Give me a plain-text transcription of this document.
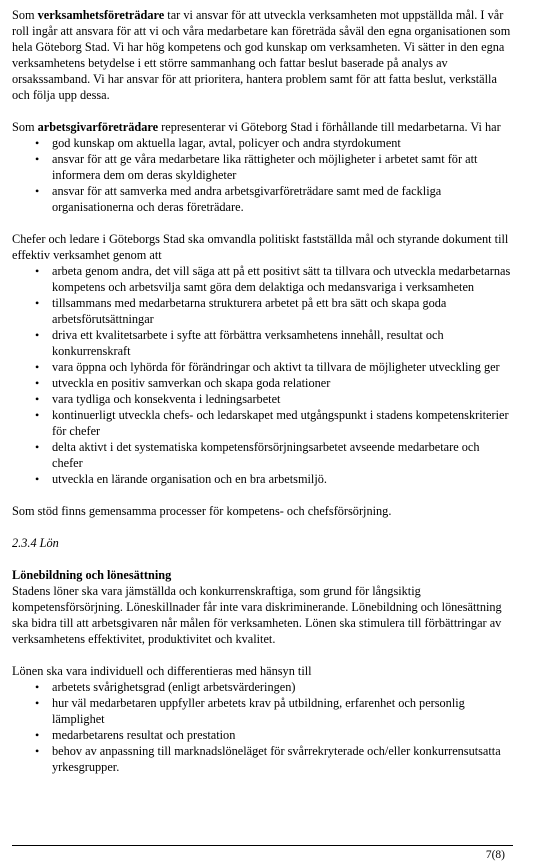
Som verksamhetsföreträdare tar vi ansvar för att utveckla verksamheten mot uppställda mål. I vår roll ingår att ansvara för att vi och våra medarbetare kan företräda såväl den egna organisationen som hela Göteborg Stad. Vi har hög kompetens och god kunskap om verksamheten. Vi sätter in den egna verksamhetens betydelse i ett större sammanhang och fattar beslut baserade på analys av orsakssamband. Vi har ansvar för att prioritera, hantera problem samt för att fatta beslut, verkställa och följa upp dessa.

Som arbetsgivarföreträdare representerar vi Göteborg Stad i förhållande till medarbetarna. Vi har

• god kunskap om aktuella lagar, avtal, policyer och andra styrdokument
• ansvar för att ge våra medarbetare lika rättigheter och möjligheter i arbetet samt för att informera dem om deras skyldigheter
• ansvar för att samverka med andra arbetsgivarföreträdare samt med de fackliga organisationerna och deras företrädare.

Chefer och ledare i Göteborgs Stad ska omvandla politiskt fastställda mål och styrande dokument till effektiv verksamhet genom att

• arbeta genom andra, det vill säga att på ett positivt sätt ta tillvara och utveckla medarbetarnas kompetens och arbetsvilja samt göra dem delaktiga och medansvariga i verksamheten
• tillsammans med medarbetarna strukturera arbetet på ett bra sätt och skapa goda arbetsförutsättningar
• driva ett kvalitetsarbete i syfte att förbättra verksamhetens innehåll, resultat och konkurrenskraft
• vara öppna och lyhörda för förändringar och aktivt ta tillvara de möjligheter utveckling ger
• utveckla en positiv samverkan och skapa goda relationer
• vara tydliga och konsekventa i ledningsarbetet
• kontinuerligt utveckla chefs- och ledarskapet med utgångspunkt i stadens kompetenskriterier för chefer
• delta aktivt i det systematiska kompetensförsörjningsarbetet avseende medarbetare och chefer
• utveckla en lärande organisation och en bra arbetsmiljö.

Som stöd finns gemensamma processer för kompetens- och chefsförsörjning.

2.3.4 Lön

Lönebildning och lönesättning

Stadens löner ska vara jämställda och konkurrenskraftiga, som grund för långsiktig kompetensförsörjning. Löneskillnader får inte vara diskriminerande. Lönebildning och lönesättning ska bidra till att arbetsgivaren når målen för verksamheten. Lönen ska stimulera till förbättringar av verksamhetens effektivitet, produktivitet och kvalitet.

Lönen ska vara individuell och differentieras med hänsyn till

• arbetets svårighetsgrad (enligt arbetsvärderingen)
• hur väl medarbetaren uppfyller arbetets krav på utbildning, erfarenhet och personlig lämplighet
• medarbetarens resultat och prestation
• behov av anpassning till marknadslöneläget för svårrekryterade och/eller konkurrensutsatta yrkesgrupper.
7(8)
